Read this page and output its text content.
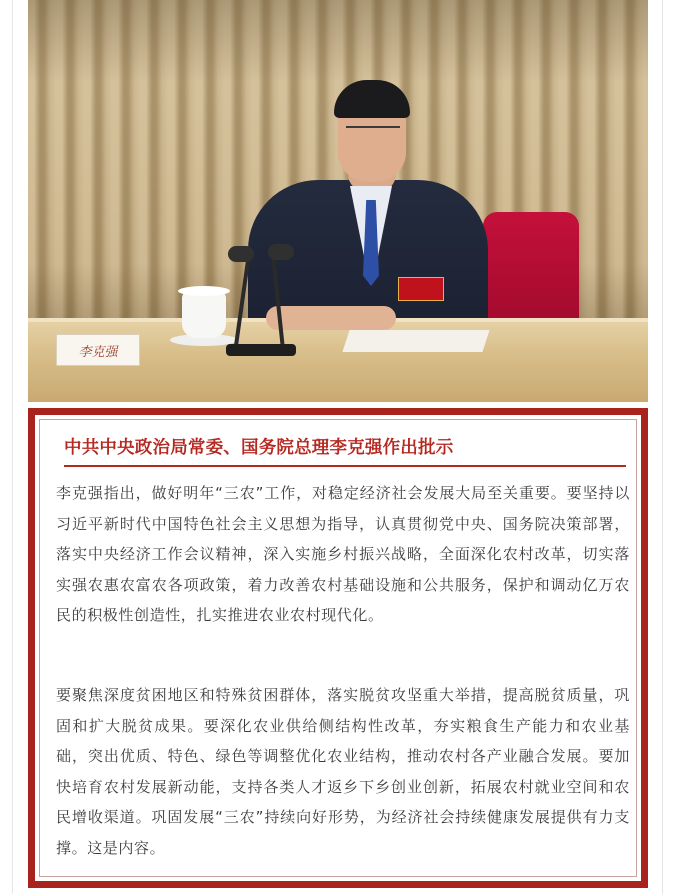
李克强
中共中央政治局常委、国务院总理李克强作出批示

李克强指出，做好明年“三农”工作，对稳定经济社会发展大局至关重要。要坚持以习近平新时代中国特色社会主义思想为指导，认真贯彻党中央、国务院决策部署，落实中央经济工作会议精神，深入实施乡村振兴战略，全面深化农村改革，切实落实强农惠农富农各项政策，着力改善农村基础设施和公共服务，保护和调动亿万农民的积极性创造性，扎实推进农业农村现代化。

要聚焦深度贫困地区和特殊贫困群体，落实脱贫攻坚重大举措，提高脱贫质量，巩固和扩大脱贫成果。要深化农业供给侧结构性改革，夯实粮食生产能力和农业基础，突出优质、特色、绿色等调整优化农业结构，推动农村各产业融合发展。要加快培育农村发展新动能，支持各类人才返乡下乡创业创新，拓展农村就业空间和农民增收渠道。巩固发展“三农”持续向好形势，为经济社会持续健康发展提供有力支撑。这是内容。
